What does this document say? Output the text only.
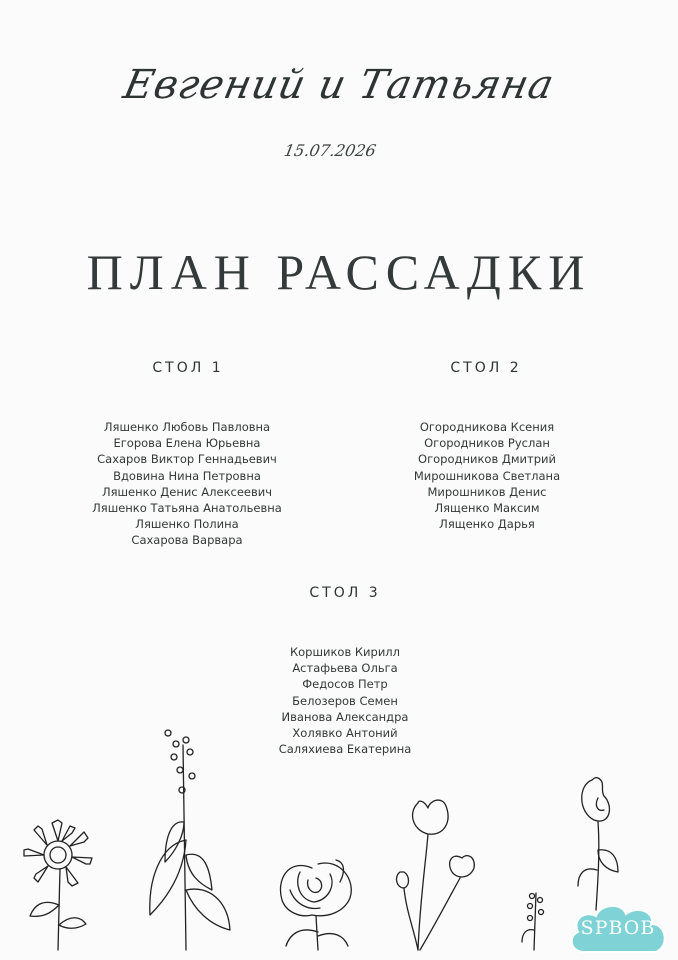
Евгений и Татьяна
15.07.2026
ПЛАН РАССАДКИ
СТОЛ 1
Ляшенко Любовь Павловна
Егорова Елена Юрьевна
Сахаров Виктор Геннадьевич
Вдовина Нина Петровна
Ляшенко Денис Алексеевич
Ляшенко Татьяна Анатольевна
Ляшенко Полина
Сахарова Варвара
СТОЛ 2
Огородникова Ксения
Огородников Руслан
Огородников Дмитрий
Мирошникова Светлана
Мирошников Денис
Лященко Максим
Лященко Дарья
СТОЛ 3
Коршиков Кирилл
Астафьева Ольга
Федосов Петр
Белозеров Семен
Иванова Александра
Холявко Антоний
Саляхиева Екатерина
SPBOB
